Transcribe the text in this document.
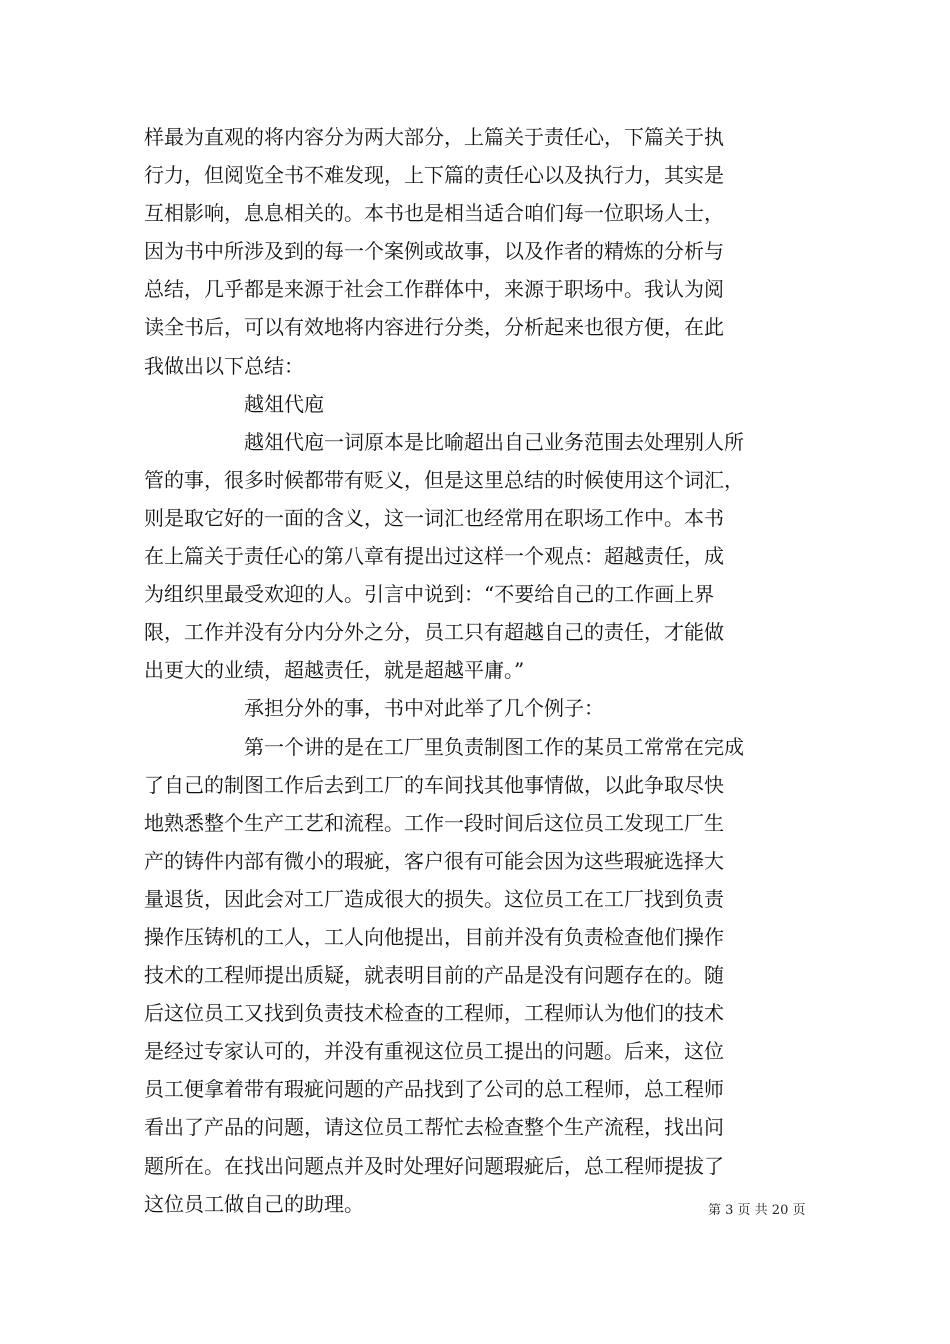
样最为直观的将内容分为两大部分，上篇关于责任心，下篇关于执
行力，但阅览全书不难发现，上下篇的责任心以及执行力，其实是
互相影响，息息相关的。本书也是相当适合咱们每一位职场人士，
因为书中所涉及到的每一个案例或故事，以及作者的精炼的分析与
总结，几乎都是来源于社会工作群体中，来源于职场中。我认为阅
读全书后，可以有效地将内容进行分类，分析起来也很方便，在此
我做出以下总结：
越俎代庖
越俎代庖一词原本是比喻超出自己业务范围去处理别人所
管的事，很多时候都带有贬义，但是这里总结的时候使用这个词汇，
则是取它好的一面的含义，这一词汇也经常用在职场工作中。本书
在上篇关于责任心的第八章有提出过这样一个观点：超越责任，成
为组织里最受欢迎的人。引言中说到：“不要给自己的工作画上界
限，工作并没有分内分外之分，员工只有超越自己的责任，才能做
出更大的业绩，超越责任，就是超越平庸。”
承担分外的事，书中对此举了几个例子：
第一个讲的是在工厂里负责制图工作的某员工常常在完成
了自己的制图工作后去到工厂的车间找其他事情做，以此争取尽快
地熟悉整个生产工艺和流程。工作一段时间后这位员工发现工厂生
产的铸件内部有微小的瑕疵，客户很有可能会因为这些瑕疵选择大
量退货，因此会对工厂造成很大的损失。这位员工在工厂找到负责
操作压铸机的工人，工人向他提出，目前并没有负责检查他们操作
技术的工程师提出质疑，就表明目前的产品是没有问题存在的。随
后这位员工又找到负责技术检查的工程师，工程师认为他们的技术
是经过专家认可的，并没有重视这位员工提出的问题。后来，这位
员工便拿着带有瑕疵问题的产品找到了公司的总工程师，总工程师
看出了产品的问题，请这位员工帮忙去检查整个生产流程，找出问
题所在。在找出问题点并及时处理好问题瑕疵后，总工程师提拔了
这位员工做自己的助理。	第 3 页 共 20 页
